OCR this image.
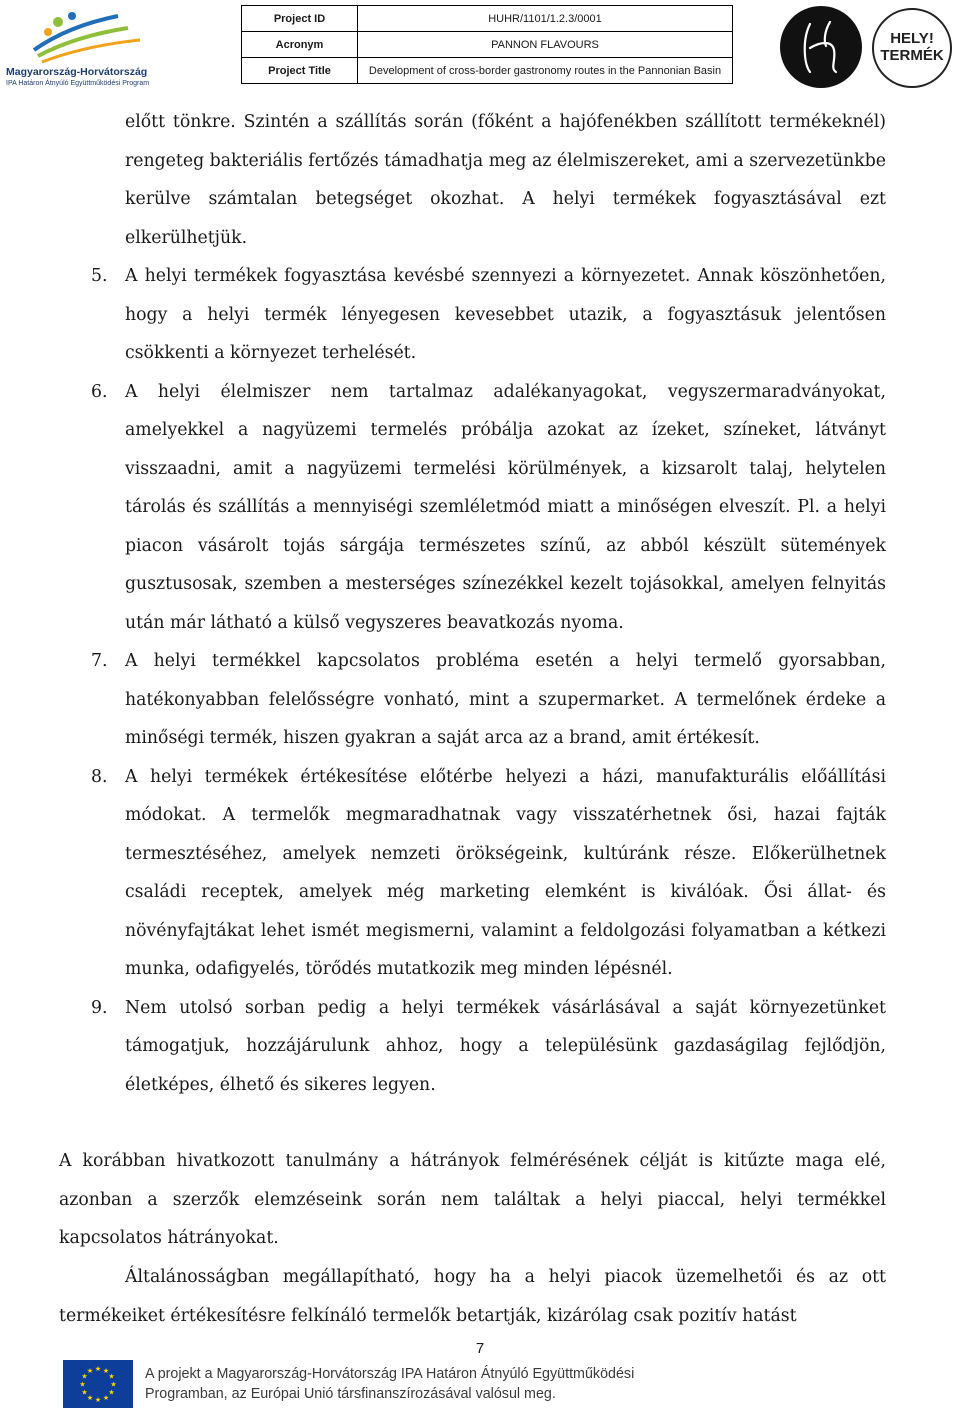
Magyarország-Horvátország
IPA Határon Átnyúló Együttműködési Program
Project ID	HUHR/1101/1.2.3/0001
Acronym	PANNON FLAVOURS
Project Title	Development of cross-border gastronomy routes in the Pannonian Basin
HELY!
TERMÉK

előtt tönkre. Szintén a szállítás során (főként a hajófenékben szállított termékeknél) rengeteg bakteriális fertőzés támadhatja meg az élelmiszereket, ami a szervezetünkbe kerülve számtalan betegséget okozhat. A helyi termékek fogyasztásával ezt elkerülhetjük.

5. A helyi termékek fogyasztása kevésbé szennyezi a környezetet. Annak köszönhetően, hogy a helyi termék lényegesen kevesebbet utazik, a fogyasztásuk jelentősen csökkenti a környezet terhelését.
6. A helyi élelmiszer nem tartalmaz adalékanyagokat, vegyszermaradványokat, amelyekkel a nagyüzemi termelés próbálja azokat az ízeket, színeket, látványt visszaadni, amit a nagyüzemi termelési körülmények, a kizsarolt talaj, helytelen tárolás és szállítás a mennyiségi szemléletmód miatt a minőségen elveszít. Pl. a helyi piacon vásárolt tojás sárgája természetes színű, az abból készült sütemények gusztusosak, szemben a mesterséges színezékkel kezelt tojásokkal, amelyen felnyitás után már látható a külső vegyszeres beavatkozás nyoma.
7. A helyi termékkel kapcsolatos probléma esetén a helyi termelő gyorsabban, hatékonyabban felelősségre vonható, mint a szupermarket. A termelőnek érdeke a minőségi termék, hiszen gyakran a saját arca az a brand, amit értékesít.
8. A helyi termékek értékesítése előtérbe helyezi a házi, manufakturális előállítási módokat. A termelők megmaradhatnak vagy visszatérhetnek ősi, hazai fajták termesztéséhez, amelyek nemzeti örökségeink, kultúránk része. Előkerülhetnek családi receptek, amelyek még marketing elemként is kiválóak. Ősi állat- és növényfajtákat lehet ismét megismerni, valamint a feldolgozási folyamatban a kétkezi munka, odafigyelés, törődés mutatkozik meg minden lépésnél.
9. Nem utolsó sorban pedig a helyi termékek vásárlásával a saját környezetünket támogatjuk, hozzájárulunk ahhoz, hogy a településünk gazdaságilag fejlődjön, életképes, élhető és sikeres legyen.

A korábban hivatkozott tanulmány a hátrányok felmérésének célját is kitűzte maga elé, azonban a szerzők elemzéseink során nem találtak a helyi piaccal, helyi termékkel kapcsolatos hátrányokat.

Általánosságban megállapítható, hogy ha a helyi piacok üzemelhetői és az ott termékeiket értékesítésre felkínáló termelők betartják, kizárólag csak pozitív hatást

7
★ ★
★
★
★
★
★
★
★
★
★
★	A projekt a Magyarország-Horvátország IPA Határon Átnyúló Együttműködési
Programban, az Európai Unió társfinanszírozásával valósul meg.
